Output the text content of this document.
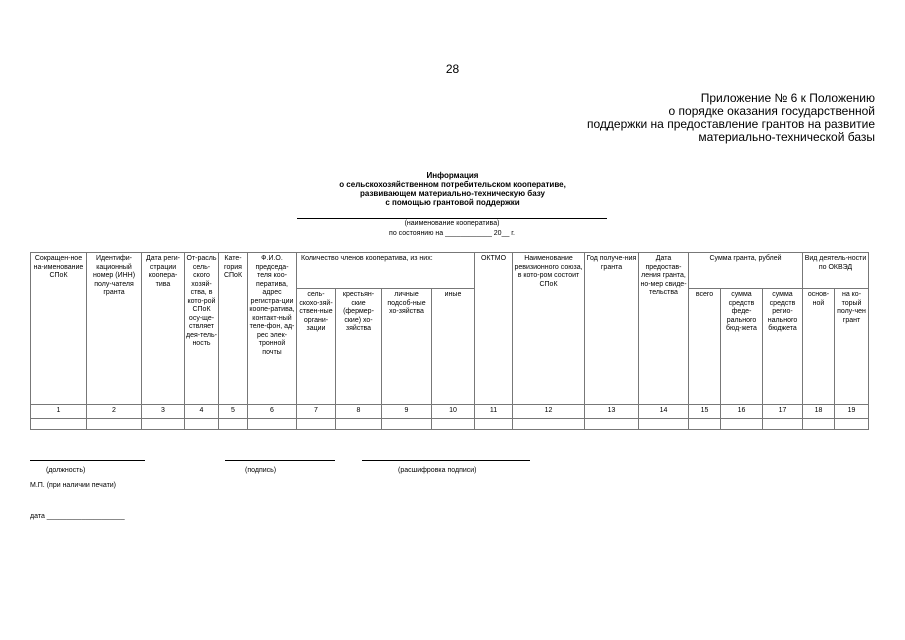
28
Приложение № 6 к Положению
о порядке оказания государственной
поддержки на предоставление грантов на развитие
материально-технической базы
Информация
о сельскохозяйственном потребительском кооперативе,
развивающем материально-техническую базу
с помощью грантовой поддержки
(наименование кооператива)
по состоянию на ____________ 20__ г.
Сокращен-ное на-именование СПоК	Идентифи-кационный номер (ИНН) полу-чателя гранта	Дата реги-страции коопера-тива	От-расль сель-ского хозяй-ства, в кото-рой СПоК осу-ще-ствляет дея-тель-ность	Кате-гория СПоК	Ф.И.О. председа-теля коо-ператива, адрес регистра-ции коопе-ратива, контакт-ный теле-фон, ад-рес элек-тронной почты	Количество членов кооператива, из них:				ОКТМО	Наименование ревизионного союза, в кото-ром состоит СПоК	Год получе-ния гранта	Дата предостав-ления гранта, но-мер свиде-тельства	Сумма гранта, рублей			Вид деятель-ности по ОКВЭД	
						сель-скохо-зяй-ствен-ные органи-зации	крестьян-ские (фермер-ские) хо-зяйства	личные подсоб-ные хо-зяйства	иные					всего	сумма средств феде-рального бюд-жета	сумма средств регио-нального бюджета	основ-ной	на ко-торый полу-чен грант
1	2	3	4	5	6	7	8	9	10	11	12	13	14	15	16	17	18	19

(должность)	(подпись)	(расшифровка подписи)
М.П. (при наличии печати)
дата ____________________
